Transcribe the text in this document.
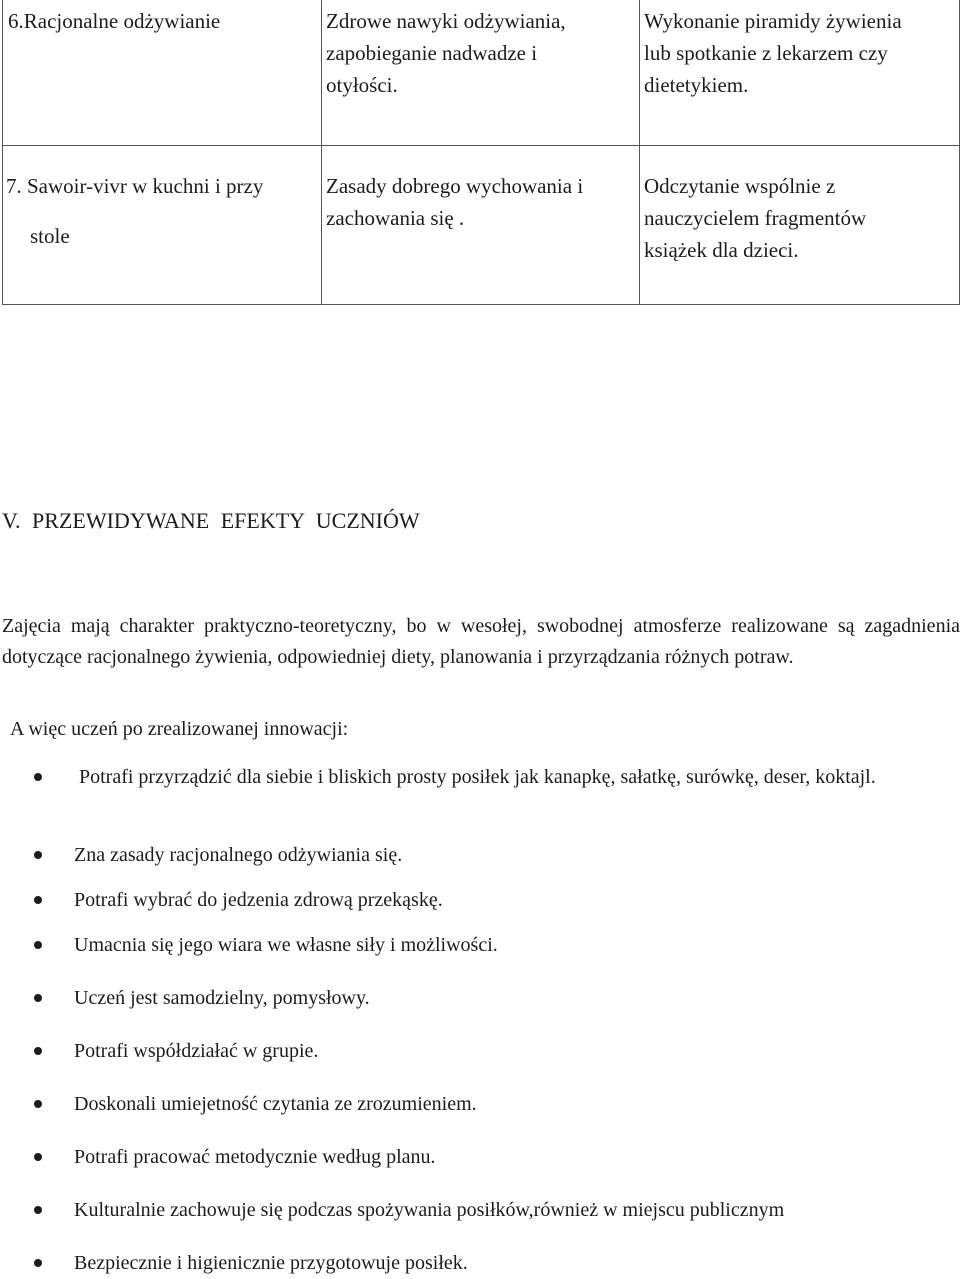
6.Racjonalne odżywianie	Zdrowe nawyki odżywiania,
zapobieganie nadwadze i
otyłości.	Wykonanie piramidy żywienia
lub spotkanie z lekarzem czy
dietetykiem.

7. Sawoir-vivr w kuchni i przy
stole	Zasady dobrego wychowania i
zachowania się .	Odczytanie wspólnie z
nauczycielem fragmentów
książek dla dzieci.
V. PRZEWIDYWANE EFEKTY UCZNIÓW
Zajęcia mają charakter praktyczno-teoretyczny, bo w wesołej, swobodnej atmosferze realizowane są zagadnienia dotyczące racjonalnego żywienia, odpowiedniej diety, planowania i przyrządzania różnych potraw.
A więc uczeń po zrealizowanej innowacji:
Potrafi przyrządzić dla siebie i bliskich prosty posiłek jak kanapkę, sałatkę, surówkę, deser, koktajl.
Zna zasady racjonalnego odżywiania się.
Potrafi wybrać do jedzenia zdrową przekąskę.
Umacnia się jego wiara we własne siły i możliwości.
Uczeń jest samodzielny, pomysłowy.
Potrafi współdziałać w grupie.
Doskonali umiejetność czytania ze zrozumieniem.
Potrafi pracować metodycznie według planu.
Kulturalnie zachowuje się podczas spożywania posiłków,również w miejscu publicznym
Bezpiecznie i higienicznie przygotowuje posiłek.
